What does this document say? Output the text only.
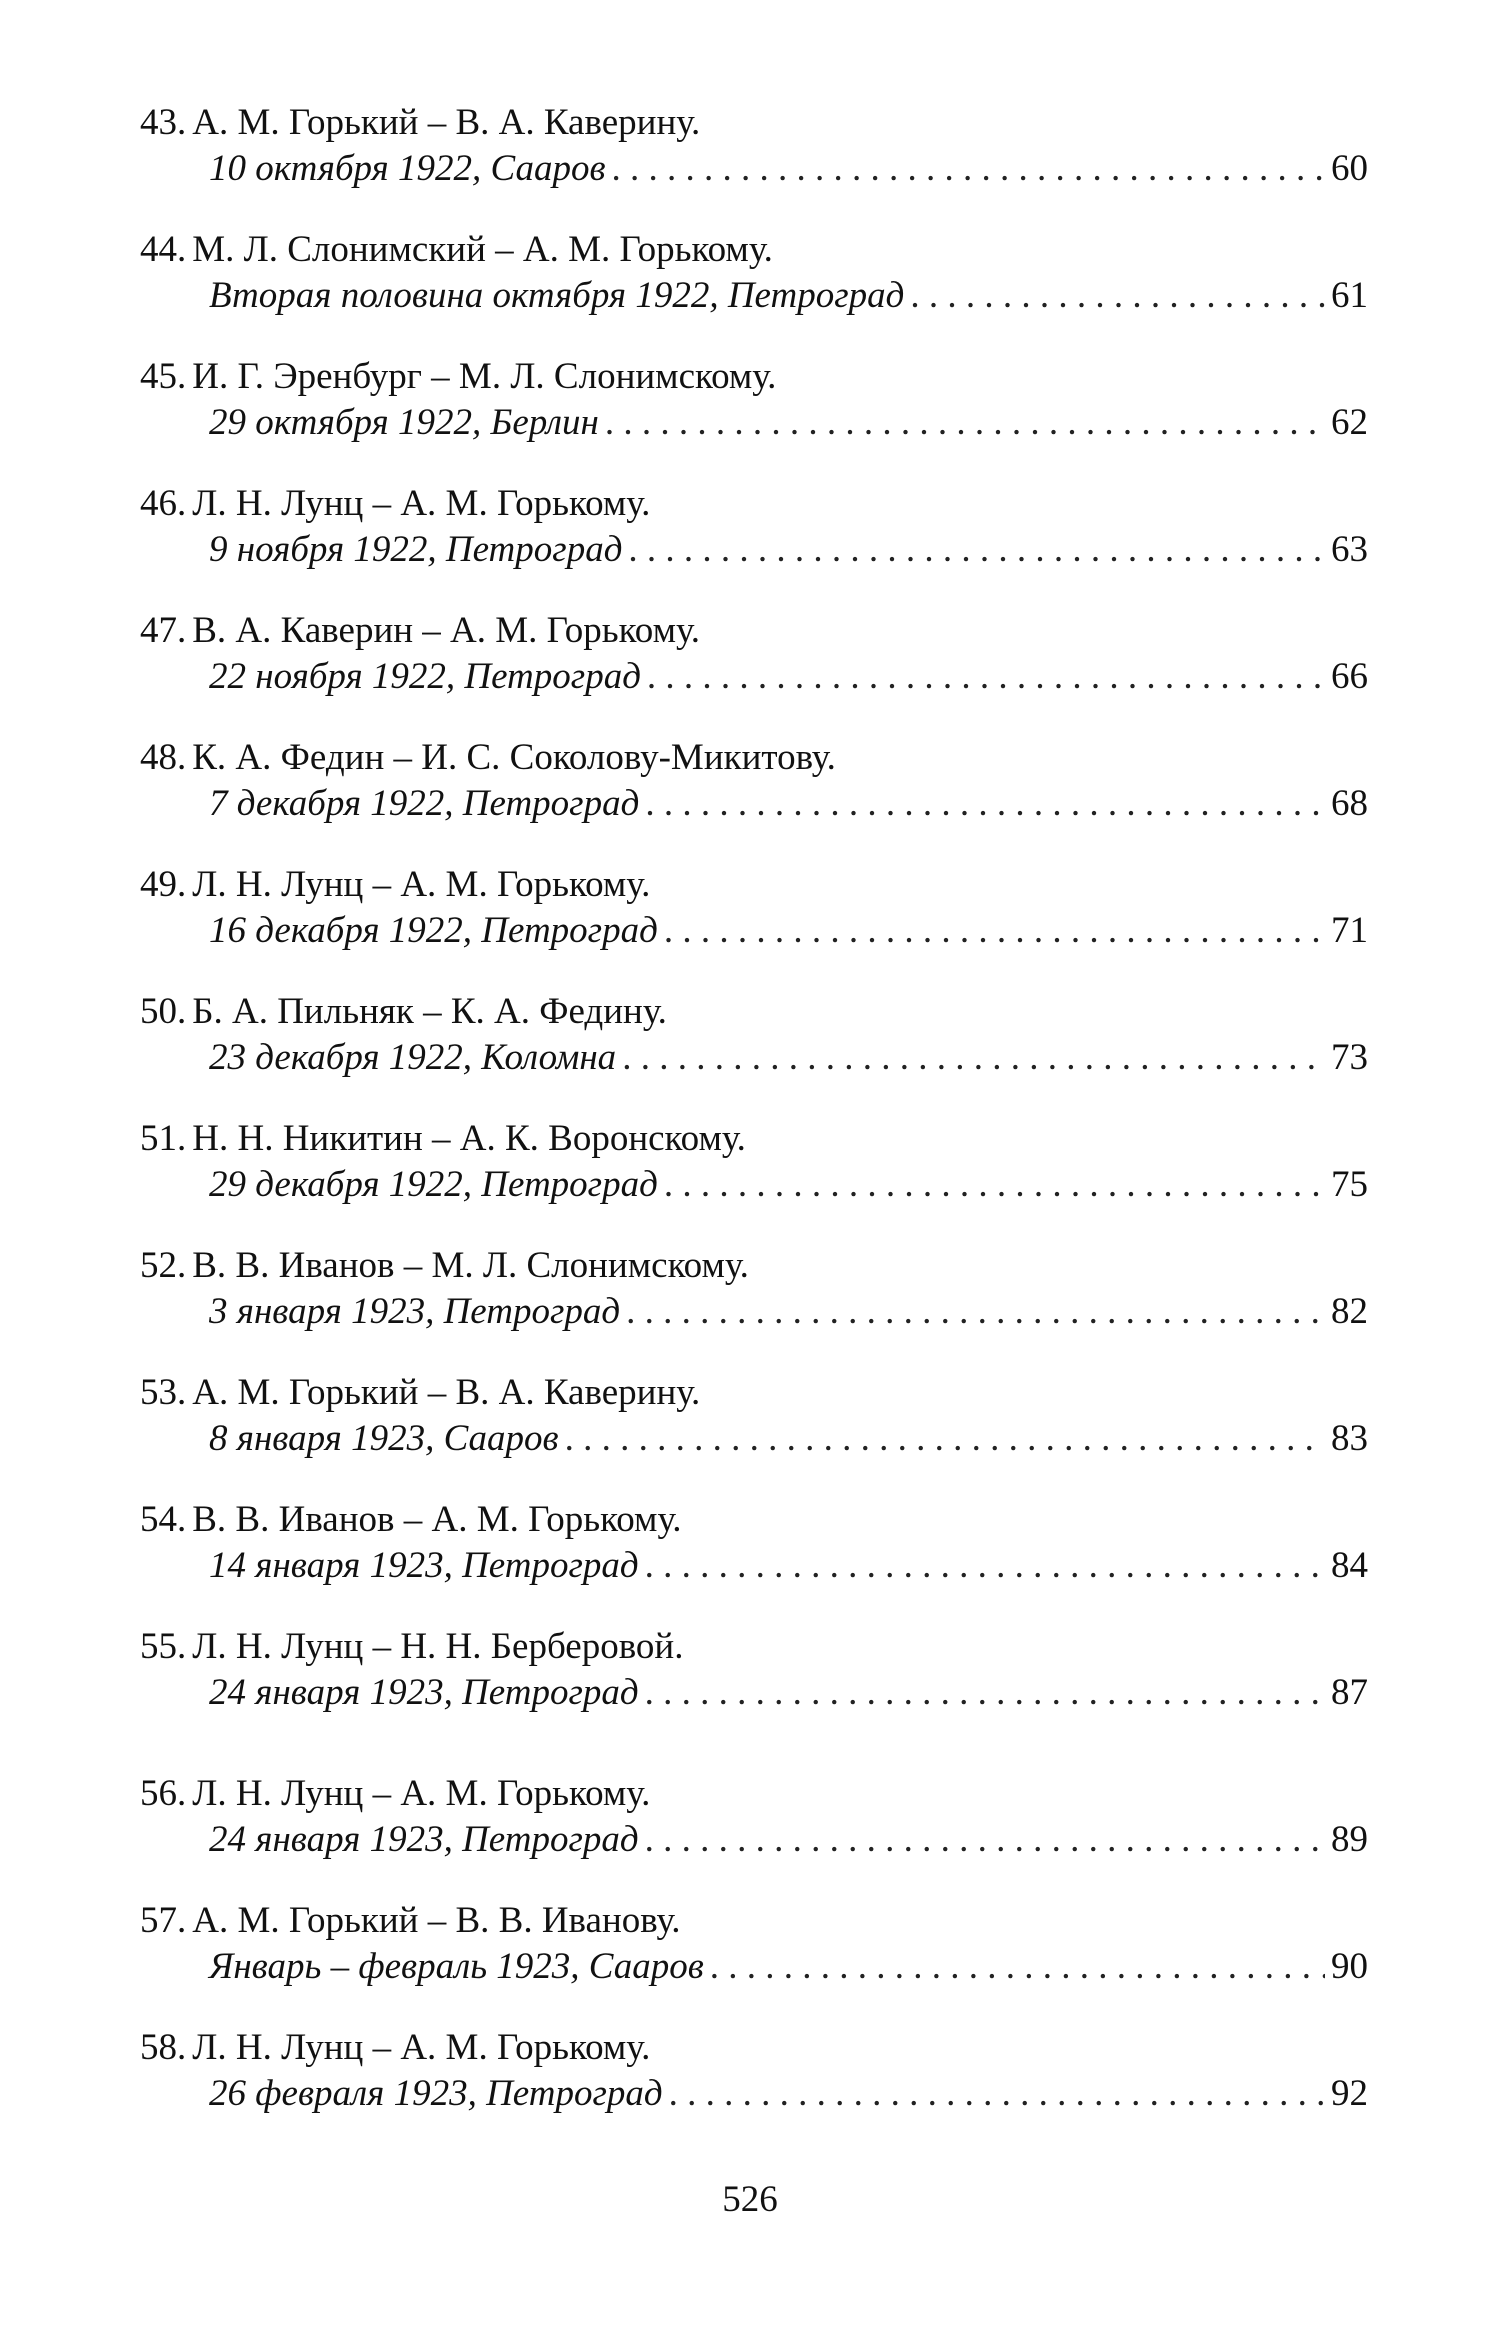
43. А. М. Горький – В. А. Каверину.
10 октября 1922, Сааров . . .	60
44. М. Л. Слонимский – А. М. Горькому.
Вторая половина октября 1922, Петроград . . .	61
45. И. Г. Эренбург – М. Л. Слонимскому.
29 октября 1922, Берлин . . .	62
46. Л. Н. Лунц – А. М. Горькому.
9 ноября 1922, Петроград . . .	63
47. В. А. Каверин – А. М. Горькому.
22 ноября 1922, Петроград . . .	66
48. К. А. Федин – И. С. Соколову-Микитову.
7 декабря 1922, Петроград . . .	68
49. Л. Н. Лунц – А. М. Горькому.
16 декабря 1922, Петроград . . .	71
50. Б. А. Пильняк – К. А. Федину.
23 декабря 1922, Коломна . . .	73
51. Н. Н. Никитин – А. К. Воронскому.
29 декабря 1922, Петроград . . .	75
52. В. В. Иванов – М. Л. Слонимскому.
3 января 1923, Петроград . . .	82
53. А. М. Горький – В. А. Каверину.
8 января 1923, Сааров . . .	83
54. В. В. Иванов – А. М. Горькому.
14 января 1923, Петроград . . .	84
55. Л. Н. Лунц – Н. Н. Берберовой.
24 января 1923, Петроград . . .	87
56. Л. Н. Лунц – А. М. Горькому.
24 января 1923, Петроград . . .	89
57. А. М. Горький – В. В. Иванову.
Январь – февраль 1923, Сааров . . .	90
58. Л. Н. Лунц – А. М. Горькому.
26 февраля 1923, Петроград . . .	92
526
